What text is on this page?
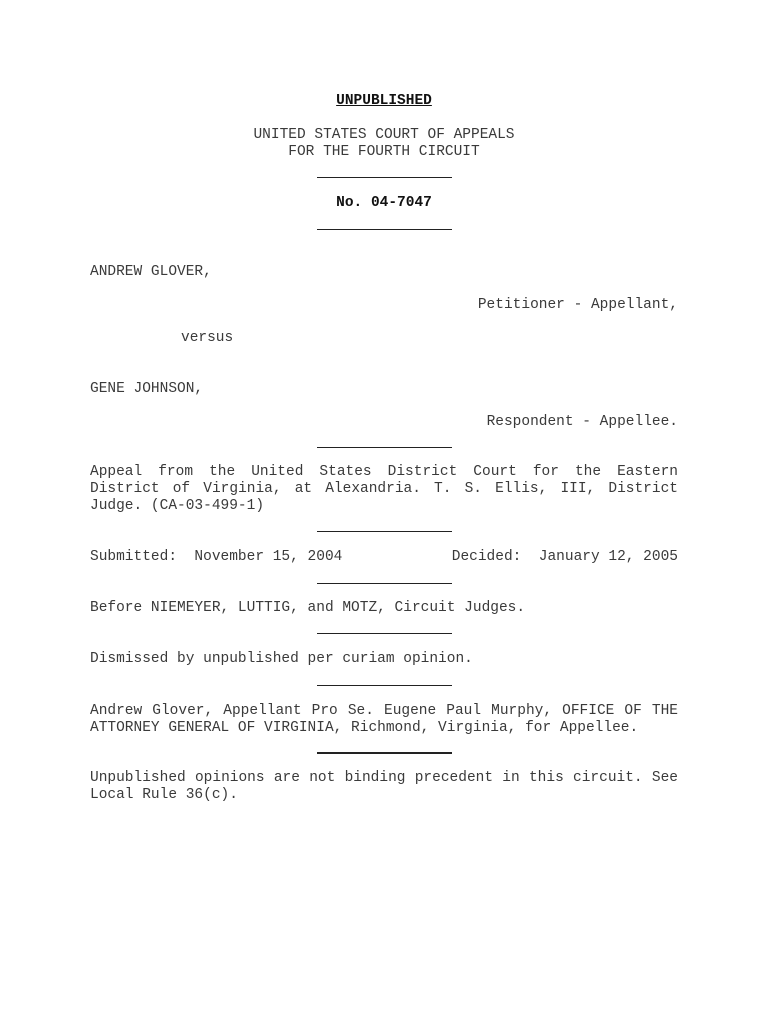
UNPUBLISHED
UNITED STATES COURT OF APPEALS
FOR THE FOURTH CIRCUIT
No. 04-7047
ANDREW GLOVER,
Petitioner - Appellant,
versus
GENE JOHNSON,
Respondent - Appellee.
Appeal from the United States District Court for the Eastern District of Virginia, at Alexandria. T. S. Ellis, III, District Judge. (CA-03-499-1)
Submitted:  November 15, 2004	Decided:  January 12, 2005
Before NIEMEYER, LUTTIG, and MOTZ, Circuit Judges.
Dismissed by unpublished per curiam opinion.
Andrew Glover, Appellant Pro Se. Eugene Paul Murphy, OFFICE OF THE ATTORNEY GENERAL OF VIRGINIA, Richmond, Virginia, for Appellee.
Unpublished opinions are not binding precedent in this circuit. See Local Rule 36(c).
